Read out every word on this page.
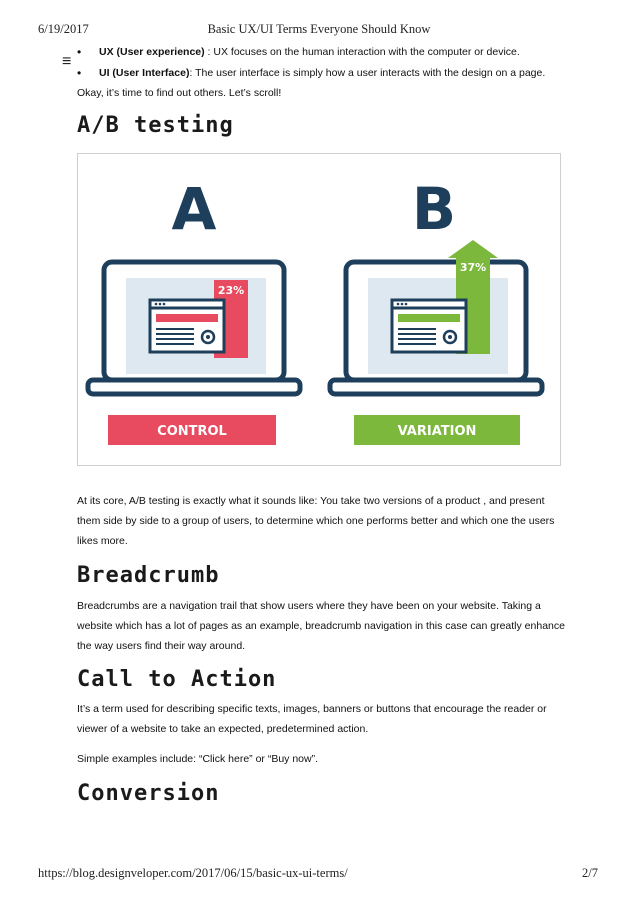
6/19/2017	Basic UX/UI Terms Everyone Should Know
≡
• UX (User experience) : UX focuses on the human interaction with the computer or device.
• UI (User Interface): The user interface is simply how a user interacts with the design on a page.

Okay, it’s time to find out others. Let’s scroll!

A/B testing
A	B
23%
37%
CONTROL	VARIATION

At its core, A/B testing is exactly what it sounds like: You take two versions of a product , and present them side by side to a group of users, to determine which one performs better and which one the users likes more.

Breadcrumb

Breadcrumbs are a navigation trail that show users where they have been on your website. Taking a website which has a lot of pages as an example, breadcrumb navigation in this case can greatly enhance the way users find their way around.

Call to Action

It’s a term used for describing specific texts, images, banners or buttons that encourage the reader or viewer of a website to take an expected, predetermined action.

Simple examples include: “Click here” or “Buy now”.

Conversion
https://blog.designveloper.com/2017/06/15/basic-ux-ui-terms/	2/7
